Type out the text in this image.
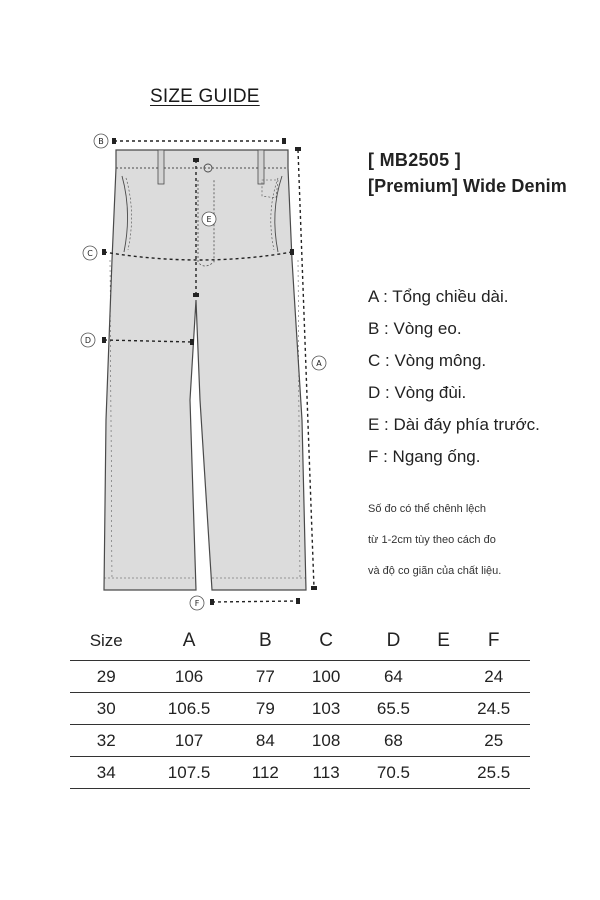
SIZE GUIDE
B
E
C
D
A
F
[ MB2505 ]
[Premium] Wide Denim
A : Tổng chiều dài.
B : Vòng eo.
C : Vòng mông.
D : Vòng đùi.
E : Dài đáy phía trước.
F : Ngang ống.
Số đo có thể chênh lệch
từ 1-2cm tùy theo cách đo
và độ co giãn của chất liệu.
Size	A	B	C	D	E	F
29	106	77	100	64		24
30	106.5	79	103	65.5		24.5
32	107	84	108	68		25
34	107.5	112	113	70.5		25.5
